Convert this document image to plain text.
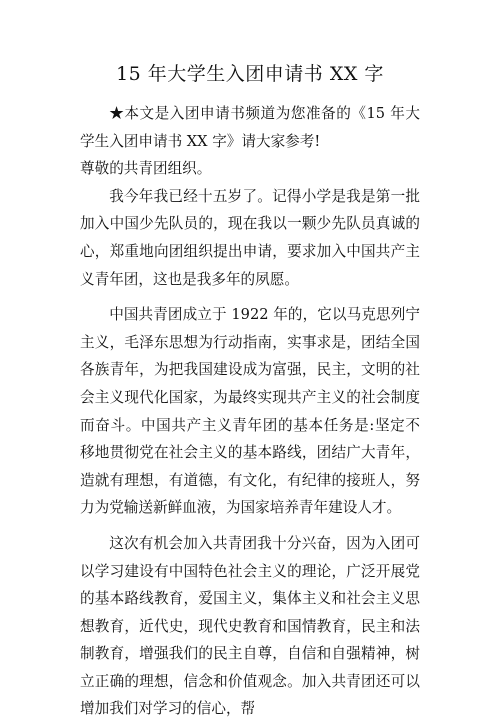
15 年大学生入团申请书 XX 字

★本文是入团申请书频道为您准备的《15 年大学生入团申请书 XX 字》请大家参考!

尊敬的共青团组织。

我今年我已经十五岁了。记得小学是我是第一批加入中国少先队员的，现在我以一颗少先队员真诚的心，郑重地向团组织提出申请，要求加入中国共产主义青年团，这也是我多年的夙愿。

中国共青团成立于 1922 年的，它以马克思列宁主义，毛泽东思想为行动指南，实事求是，团结全国各族青年，为把我国建设成为富强，民主，文明的社会主义现代化国家，为最终实现共产主义的社会制度而奋斗。中国共产主义青年团的基本任务是:坚定不移地贯彻党在社会主义的基本路线，团结广大青年，造就有理想，有道德，有文化，有纪律的接班人，努力为党输送新鲜血液，为国家培养青年建设人才。

这次有机会加入共青团我十分兴奋，因为入团可以学习建设有中国特色社会主义的理论，广泛开展党的基本路线教育，爱国主义，集体主义和社会主义思想教育，近代史，现代史教育和国情教育，民主和法制教育，增强我们的民主自尊，自信和自强精神，树立正确的理想，信念和价值观念。加入共青团还可以增加我们对学习的信心，帮
